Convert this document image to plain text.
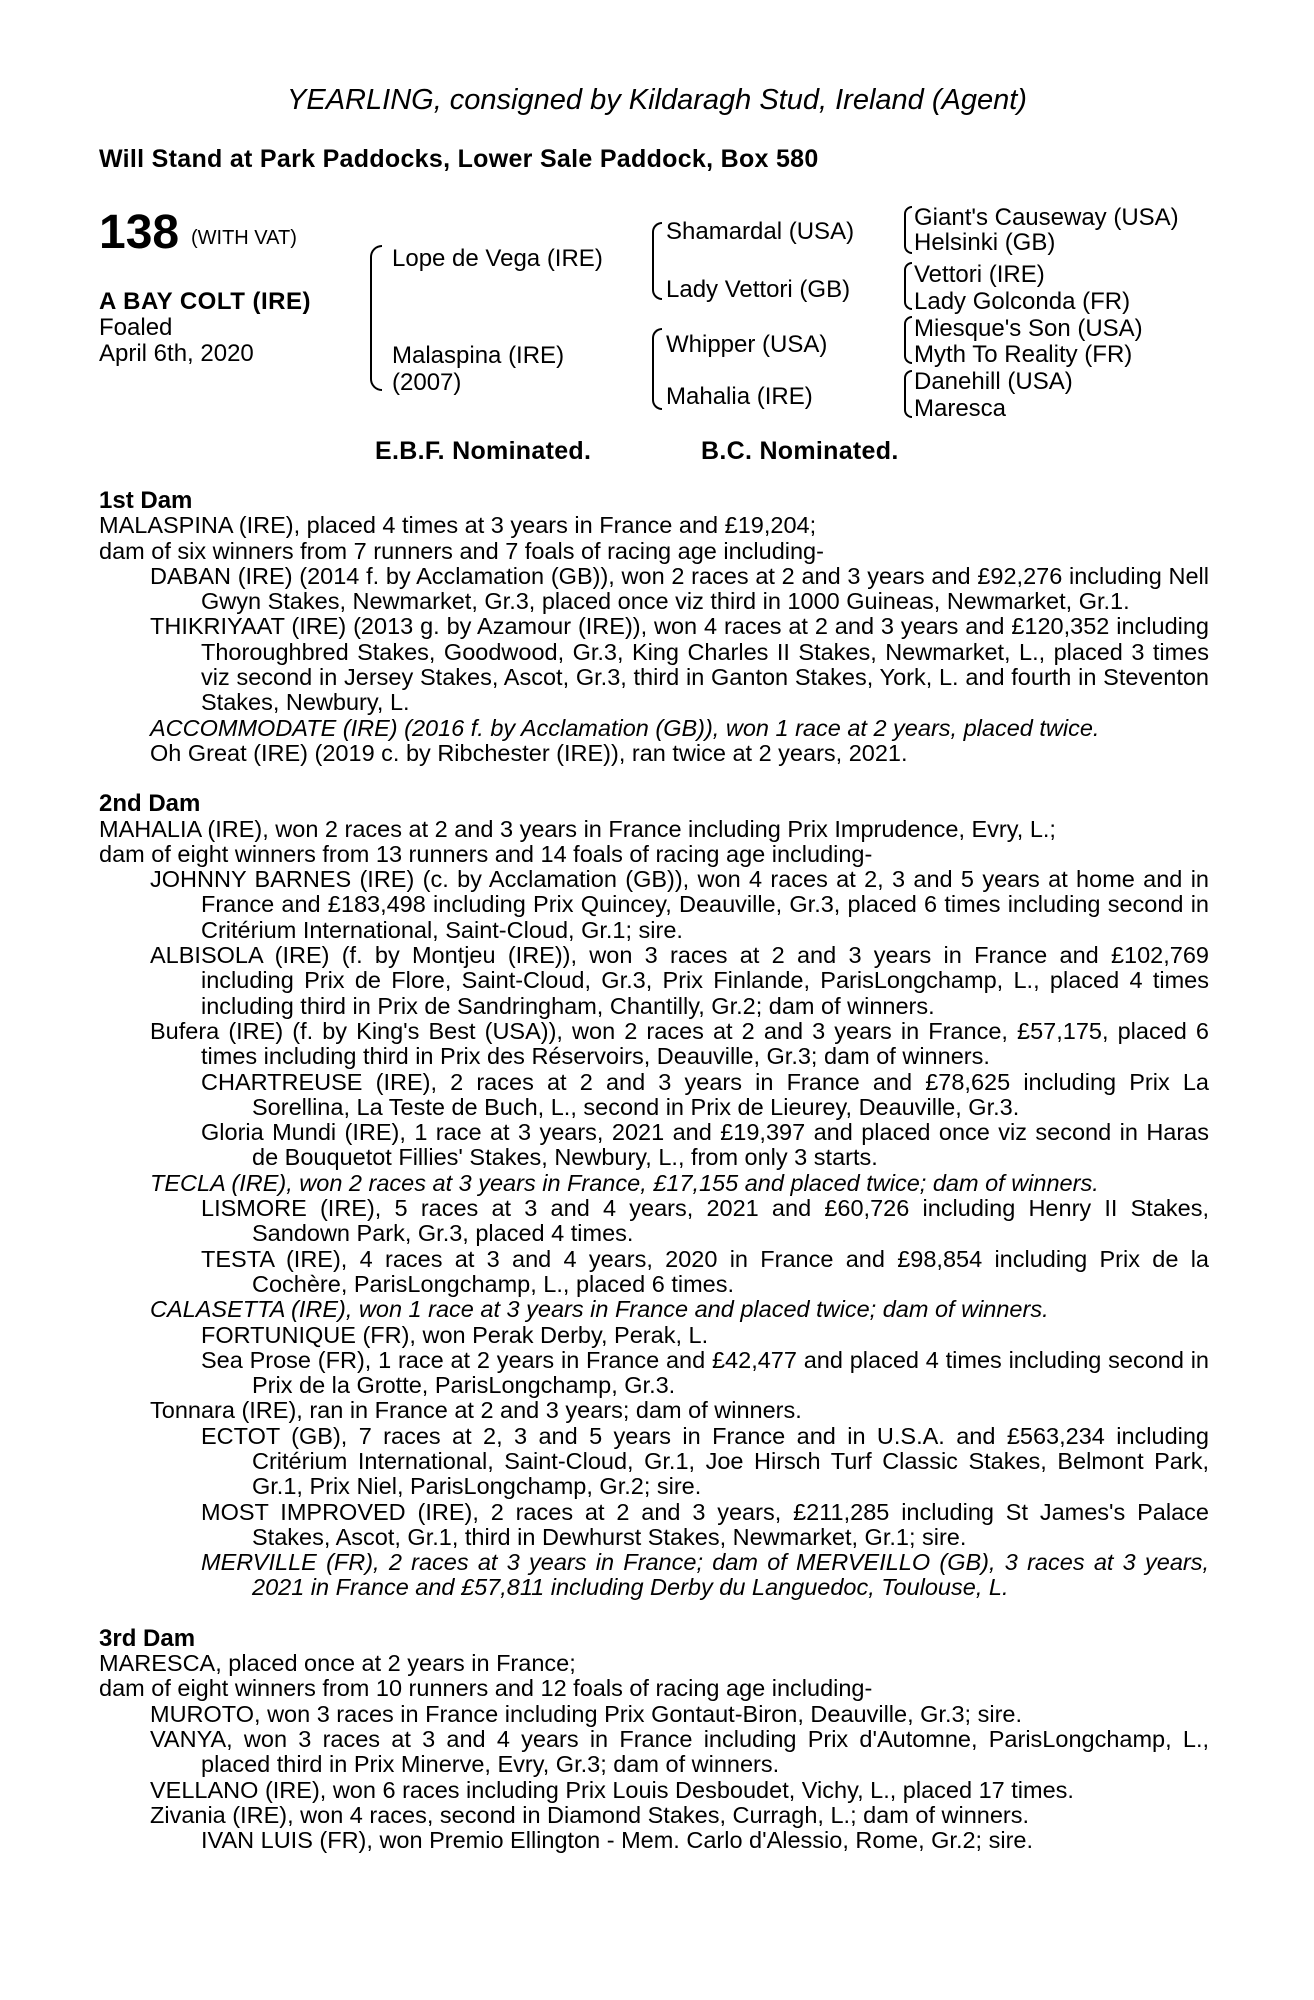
YEARLING, consigned by Kildaragh Stud, Ireland (Agent)
Will Stand at Park Paddocks, Lower Sale Paddock, Box 580
138 (WITH VAT)
A BAY COLT (IRE)
Foaled
April 6th, 2020
Lope de Vega (IRE)
Malaspina (IRE)
(2007)
Shamardal (USA)
Lady Vettori (GB)
Whipper (USA)
Mahalia (IRE)
Giant's Causeway (USA)
Helsinki (GB)
Vettori (IRE)
Lady Golconda (FR)
Miesque's Son (USA)
Myth To Reality (FR)
Danehill (USA)
Maresca
E.B.F. Nominated.	B.C. Nominated.
1st Dam
MALASPINA (IRE), placed 4 times at 3 years in France and £19,204;
dam of six winners from 7 runners and 7 foals of racing age including-
DABAN (IRE) (2014 f. by Acclamation (GB)), won 2 races at 2 and 3 years and £92,276 including Nell Gwyn Stakes, Newmarket, Gr.3, placed once viz third in 1000 Guineas, Newmarket, Gr.1.
THIKRIYAAT (IRE) (2013 g. by Azamour (IRE)), won 4 races at 2 and 3 years and £120,352 including Thoroughbred Stakes, Goodwood, Gr.3, King Charles II Stakes, Newmarket, L., placed 3 times viz second in Jersey Stakes, Ascot, Gr.3, third in Ganton Stakes, York, L. and fourth in Steventon Stakes, Newbury, L.
ACCOMMODATE (IRE) (2016 f. by Acclamation (GB)), won 1 race at 2 years, placed twice.
Oh Great (IRE) (2019 c. by Ribchester (IRE)), ran twice at 2 years, 2021.
2nd Dam
MAHALIA (IRE), won 2 races at 2 and 3 years in France including Prix Imprudence, Evry, L.;
dam of eight winners from 13 runners and 14 foals of racing age including-
JOHNNY BARNES (IRE) (c. by Acclamation (GB)), won 4 races at 2, 3 and 5 years at home and in France and £183,498 including Prix Quincey, Deauville, Gr.3, placed 6 times including second in Critérium International, Saint-Cloud, Gr.1; sire.
ALBISOLA (IRE) (f. by Montjeu (IRE)), won 3 races at 2 and 3 years in France and £102,769 including Prix de Flore, Saint-Cloud, Gr.3, Prix Finlande, ParisLongchamp, L., placed 4 times including third in Prix de Sandringham, Chantilly, Gr.2; dam of winners.
Bufera (IRE) (f. by King's Best (USA)), won 2 races at 2 and 3 years in France, £57,175, placed 6 times including third in Prix des Réservoirs, Deauville, Gr.3; dam of winners.
CHARTREUSE (IRE), 2 races at 2 and 3 years in France and £78,625 including Prix La Sorellina, La Teste de Buch, L., second in Prix de Lieurey, Deauville, Gr.3.
Gloria Mundi (IRE), 1 race at 3 years, 2021 and £19,397 and placed once viz second in Haras de Bouquetot Fillies' Stakes, Newbury, L., from only 3 starts.
TECLA (IRE), won 2 races at 3 years in France, £17,155 and placed twice; dam of winners.
LISMORE (IRE), 5 races at 3 and 4 years, 2021 and £60,726 including Henry II Stakes, Sandown Park, Gr.3, placed 4 times.
TESTA (IRE), 4 races at 3 and 4 years, 2020 in France and £98,854 including Prix de la Cochère, ParisLongchamp, L., placed 6 times.
CALASETTA (IRE), won 1 race at 3 years in France and placed twice; dam of winners.
FORTUNIQUE (FR), won Perak Derby, Perak, L.
Sea Prose (FR), 1 race at 2 years in France and £42,477 and placed 4 times including second in Prix de la Grotte, ParisLongchamp, Gr.3.
Tonnara (IRE), ran in France at 2 and 3 years; dam of winners.
ECTOT (GB), 7 races at 2, 3 and 5 years in France and in U.S.A. and £563,234 including Critérium International, Saint-Cloud, Gr.1, Joe Hirsch Turf Classic Stakes, Belmont Park, Gr.1, Prix Niel, ParisLongchamp, Gr.2; sire.
MOST IMPROVED (IRE), 2 races at 2 and 3 years, £211,285 including St James's Palace Stakes, Ascot, Gr.1, third in Dewhurst Stakes, Newmarket, Gr.1; sire.
MERVILLE (FR), 2 races at 3 years in France; dam of MERVEILLO (GB), 3 races at 3 years, 2021 in France and £57,811 including Derby du Languedoc, Toulouse, L.
3rd Dam
MARESCA, placed once at 2 years in France;
dam of eight winners from 10 runners and 12 foals of racing age including-
MUROTO, won 3 races in France including Prix Gontaut-Biron, Deauville, Gr.3; sire.
VANYA, won 3 races at 3 and 4 years in France including Prix d'Automne, ParisLongchamp, L., placed third in Prix Minerve, Evry, Gr.3; dam of winners.
VELLANO (IRE), won 6 races including Prix Louis Desboudet, Vichy, L., placed 17 times.
Zivania (IRE), won 4 races, second in Diamond Stakes, Curragh, L.; dam of winners.
IVAN LUIS (FR), won Premio Ellington - Mem. Carlo d'Alessio, Rome, Gr.2; sire.
